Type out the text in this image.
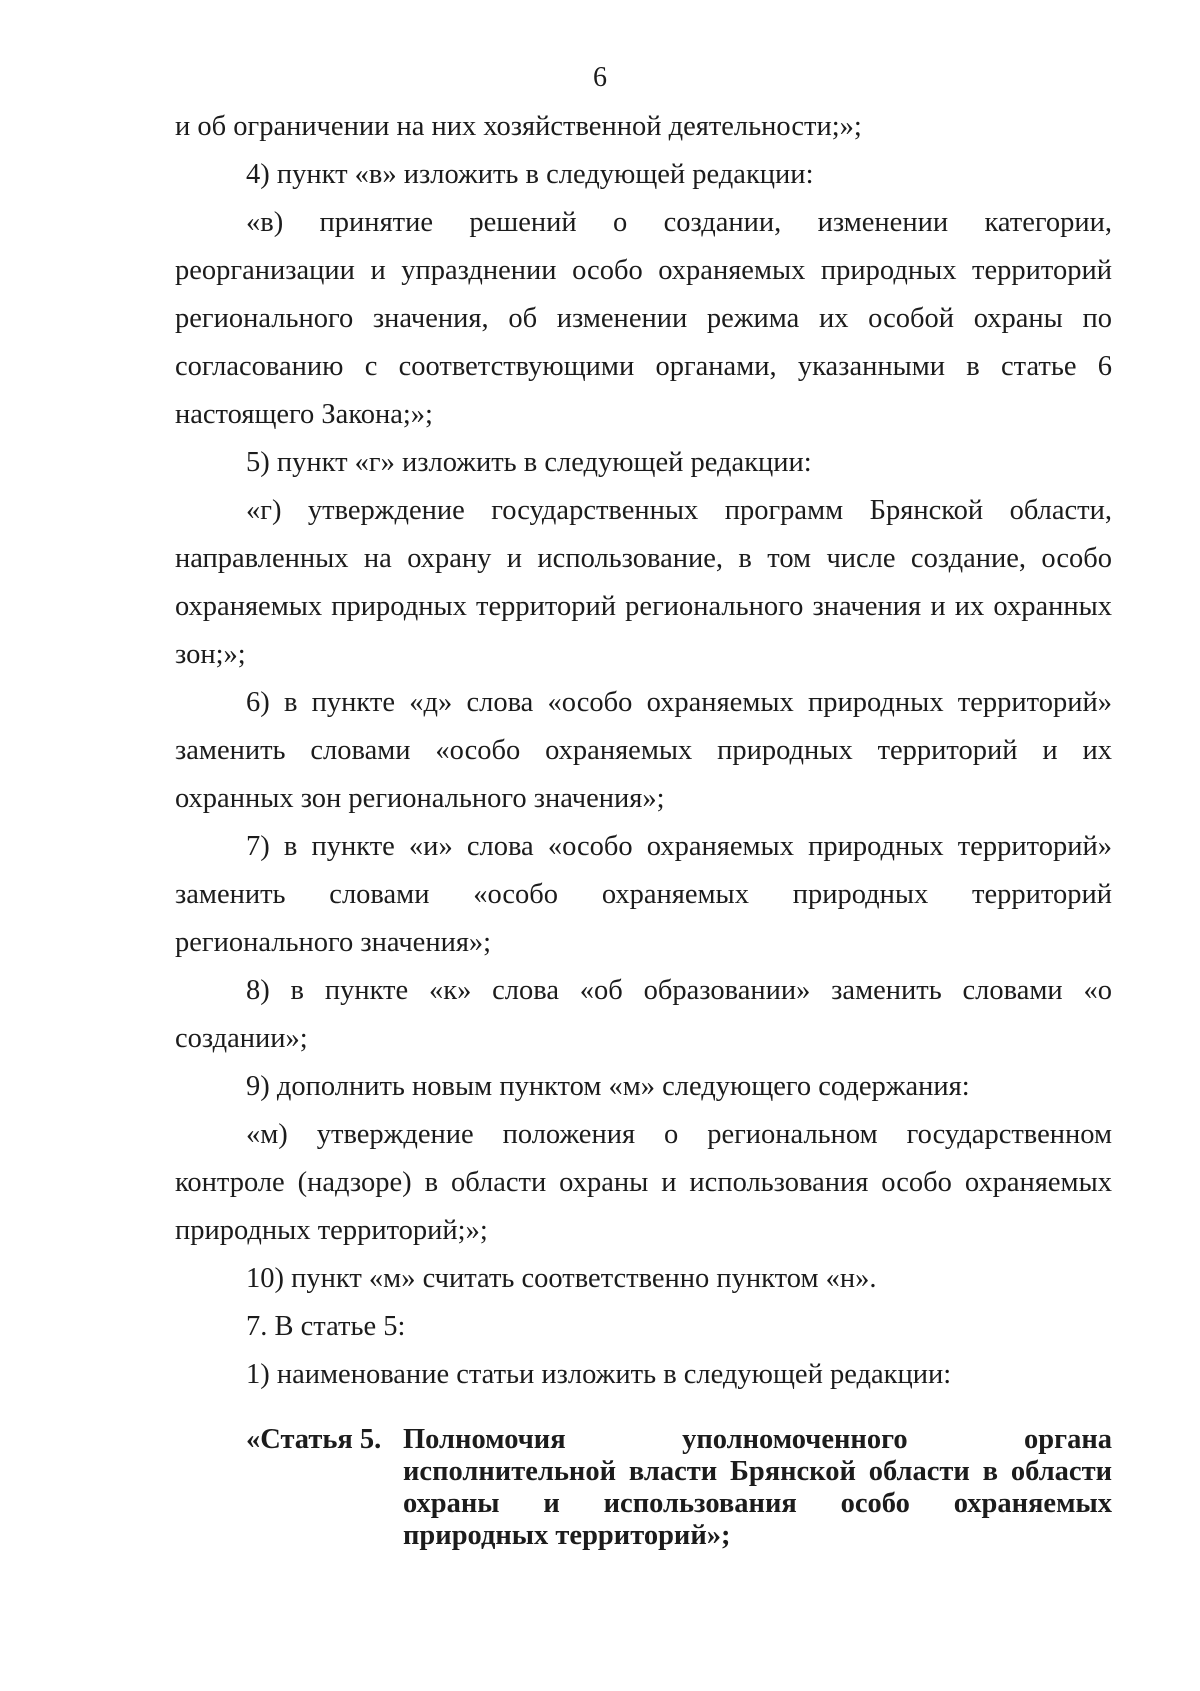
6

и об ограничении на них хозяйственной деятельности;»;

4) пункт «в» изложить в следующей редакции:

«в) принятие решений о создании, изменении категории, реорганизации и упразднении особо охраняемых природных территорий регионального значения, об изменении режима их особой охраны по согласованию с соответствующими органами, указанными в статье 6 настоящего Закона;»;

5) пункт «г» изложить в следующей редакции:

«г) утверждение государственных программ Брянской области, направленных на охрану и использование, в том числе создание, особо охраняемых природных территорий регионального значения и их охранных зон;»;

6) в пункте «д» слова «особо охраняемых природных территорий» заменить словами «особо охраняемых природных территорий и их охранных зон регионального значения»;

7) в пункте «и» слова «особо охраняемых природных территорий» заменить словами «особо охраняемых природных территорий регионального значения»;

8) в пункте «к» слова «об образовании» заменить словами «о создании»;

9) дополнить новым пунктом «м» следующего содержания:

«м) утверждение положения о региональном государственном контроле (надзоре) в области охраны и использования особо охраняемых природных территорий;»;

10) пункт «м» считать соответственно пунктом «н».

7. В статье 5:

1) наименование статьи изложить в следующей редакции:

«Статья 5. Полномочия уполномоченного органа исполнительной власти Брянской области в области охраны и использования особо охраняемых природных территорий»;
